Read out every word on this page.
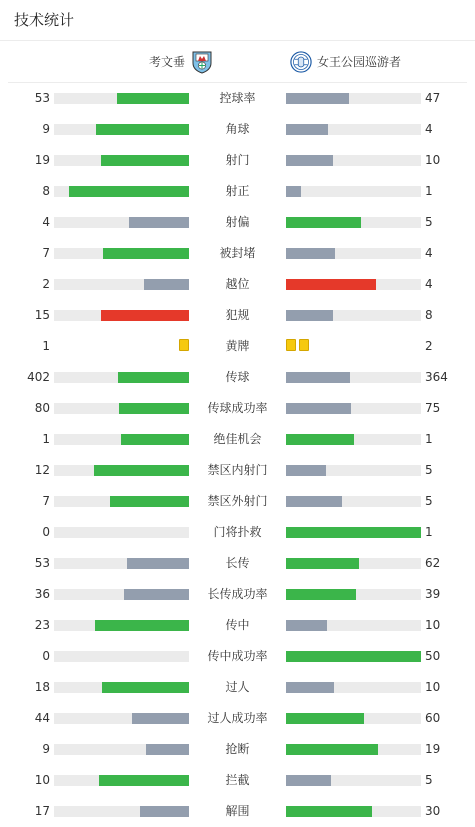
技术统计
考文垂	女王公园巡游者
53	控球率	47
9	角球	4
19	射门	10
8	射正	1
4	射偏	5
7	被封堵	4
2	越位	4
15	犯规	8
1	黄牌	2
402	传球	364
80	传球成功率	75
1	绝佳机会	1
12	禁区内射门	5
7	禁区外射门	5
0	门将扑救	1
53	长传	62
36	长传成功率	39
23	传中	10
0	传中成功率	50
18	过人	10
44	过人成功率	60
9	抢断	19
10	拦截	5
17	解围	30
